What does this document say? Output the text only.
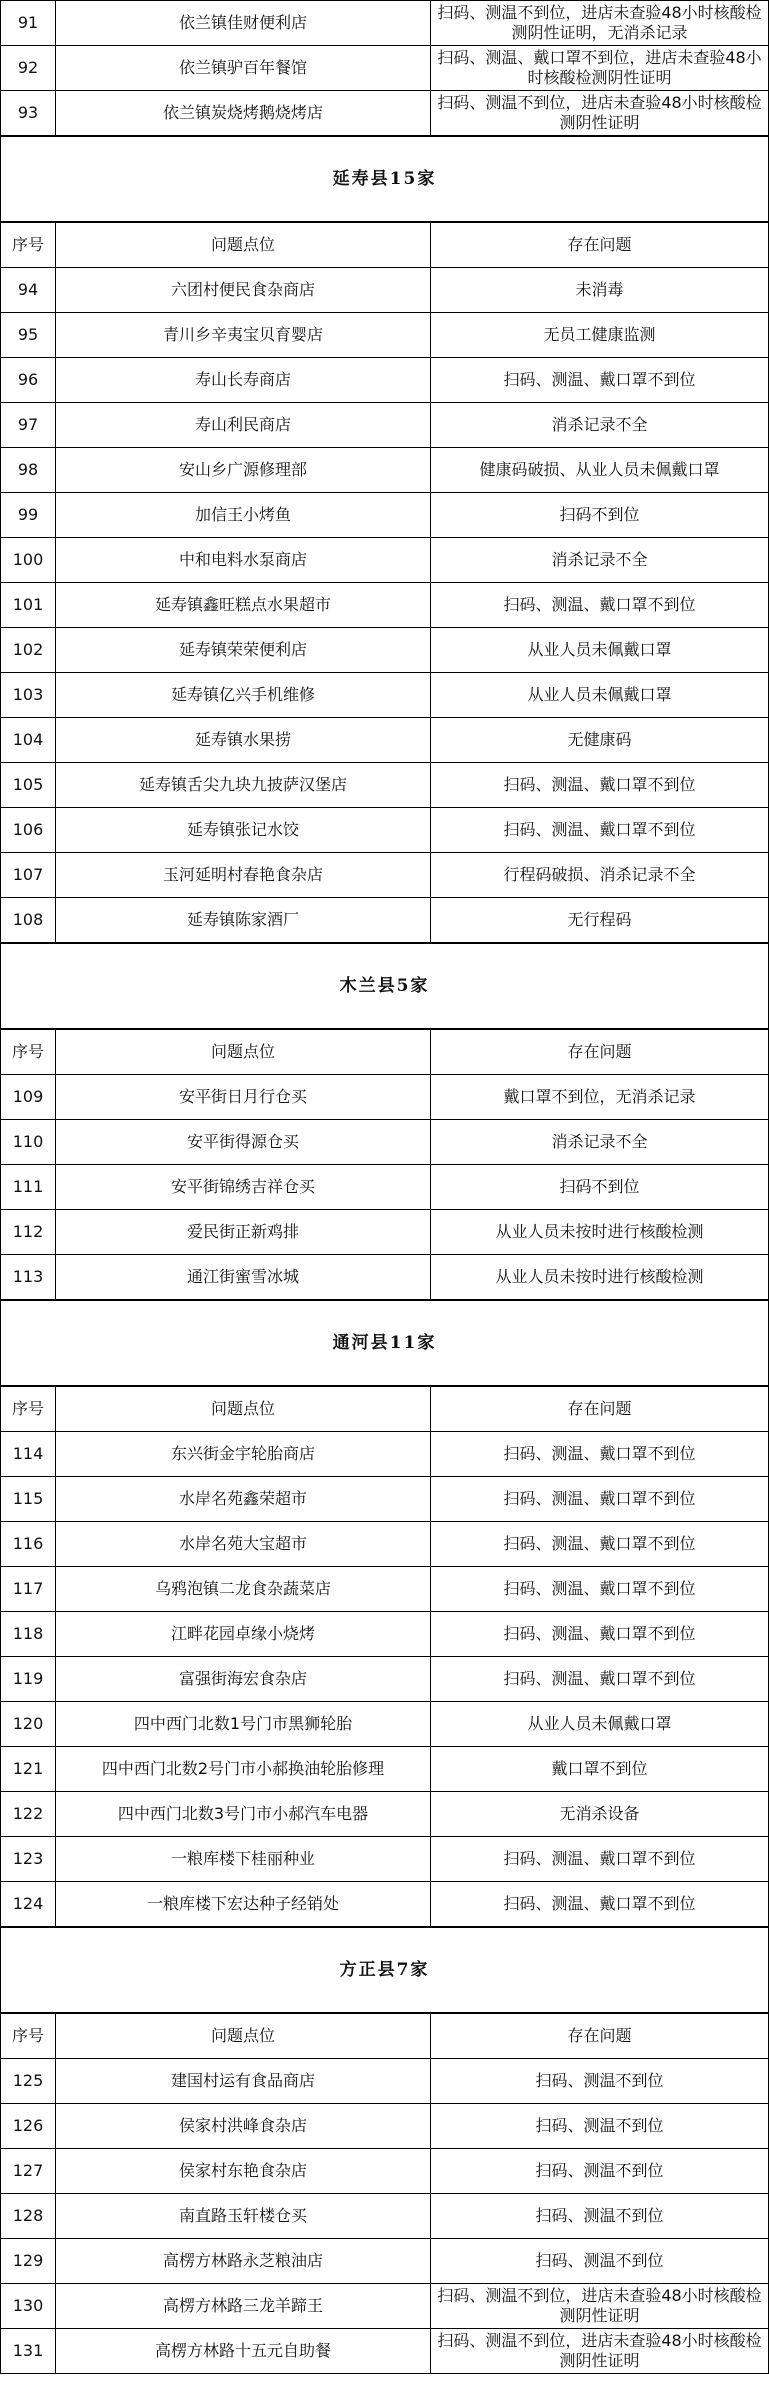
91	依兰镇佳财便利店	扫码、测温不到位，进店未查验48小时核酸检测阴性证明，无消杀记录
92	依兰镇驴百年餐馆	扫码、测温、戴口罩不到位，进店未查验48小时核酸检测阴性证明
93	依兰镇炭烧烤鹅烧烤店	扫码、测温不到位，进店未查验48小时核酸检测阴性证明
延寿县15家		
序号	问题点位	存在问题
94	六团村便民食杂商店	未消毒
95	青川乡辛夷宝贝育婴店	无员工健康监测
96	寿山长寿商店	扫码、测温、戴口罩不到位
97	寿山利民商店	消杀记录不全
98	安山乡广源修理部	健康码破损、从业人员未佩戴口罩
99	加信王小烤鱼	扫码不到位
100	中和电料水泵商店	消杀记录不全
101	延寿镇鑫旺糕点水果超市	扫码、测温、戴口罩不到位
102	延寿镇荣荣便利店	从业人员未佩戴口罩
103	延寿镇亿兴手机维修	从业人员未佩戴口罩
104	延寿镇水果捞	无健康码
105	延寿镇舌尖九块九披萨汉堡店	扫码、测温、戴口罩不到位
106	延寿镇张记水饺	扫码、测温、戴口罩不到位
107	玉河延明村春艳食杂店	行程码破损、消杀记录不全
108	延寿镇陈家酒厂	无行程码
木兰县5家		
序号	问题点位	存在问题
109	安平街日月行仓买	戴口罩不到位，无消杀记录
110	安平街得源仓买	消杀记录不全
111	安平街锦绣吉祥仓买	扫码不到位
112	爱民街正新鸡排	从业人员未按时进行核酸检测
113	通江街蜜雪冰城	从业人员未按时进行核酸检测
通河县11家		
序号	问题点位	存在问题
114	东兴街金宇轮胎商店	扫码、测温、戴口罩不到位
115	水岸名苑鑫荣超市	扫码、测温、戴口罩不到位
116	水岸名苑大宝超市	扫码、测温、戴口罩不到位
117	乌鸦泡镇二龙食杂蔬菜店	扫码、测温、戴口罩不到位
118	江畔花园卓缘小烧烤	扫码、测温、戴口罩不到位
119	富强街海宏食杂店	扫码、测温、戴口罩不到位
120	四中西门北数1号门市黑狮轮胎	从业人员未佩戴口罩
121	四中西门北数2号门市小郝换油轮胎修理	戴口罩不到位
122	四中西门北数3号门市小郝汽车电器	无消杀设备
123	一粮库楼下桂丽种业	扫码、测温、戴口罩不到位
124	一粮库楼下宏达种子经销处	扫码、测温、戴口罩不到位
方正县7家		
序号	问题点位	存在问题
125	建国村运有食品商店	扫码、测温不到位
126	侯家村洪峰食杂店	扫码、测温不到位
127	侯家村东艳食杂店	扫码、测温不到位
128	南直路玉轩楼仓买	扫码、测温不到位
129	高楞方林路永芝粮油店	扫码、测温不到位
130	高楞方林路三龙羊蹄王	扫码、测温不到位，进店未查验48小时核酸检测阴性证明
131	高楞方林路十五元自助餐	扫码、测温不到位，进店未查验48小时核酸检测阴性证明
